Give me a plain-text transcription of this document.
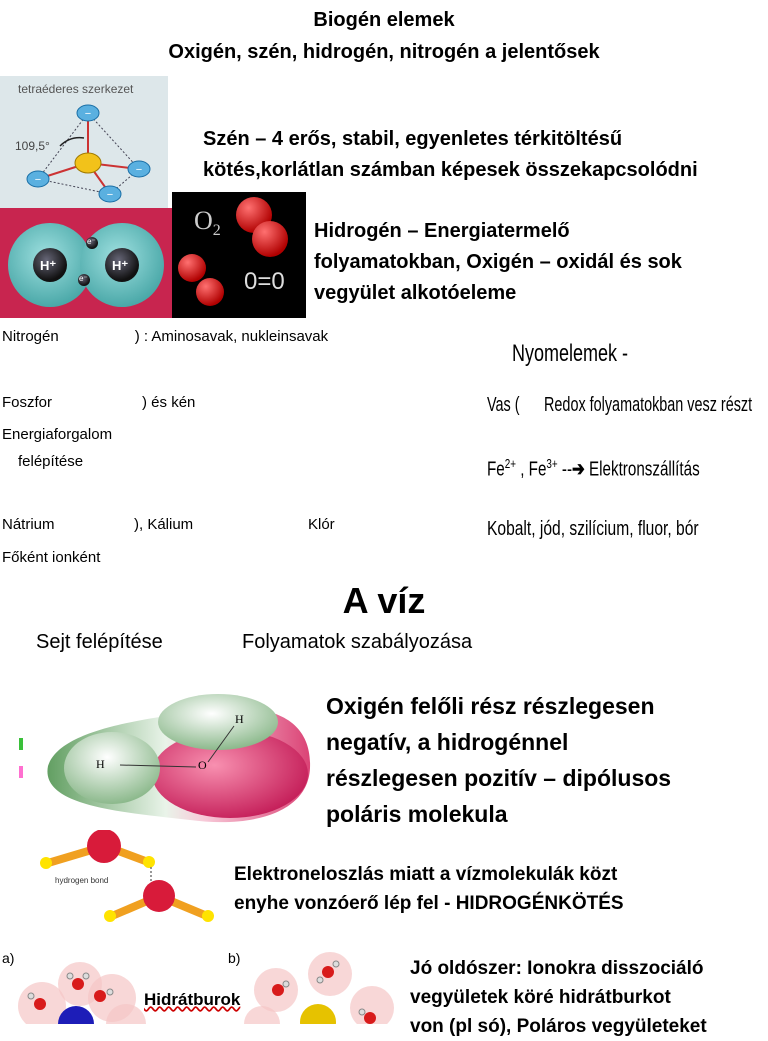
Biogén elemek
Oxigén, szén, hidrogén, nitrogén a jelentősek
tetraéderes szerkezet
109,5°
−
−
−
−
Szén – 4 erős, stabil, egyenletes térkitöltésű
kötés,korlátlan számban képesek összekapcsolódni
H⁺	H⁺
e⁻
e⁻
$O_2$
0=0
Hidrogén – Energiatermelő
folyamatokban, Oxigén – oxidál és sok
vegyület alkotóeleme
Nitrogén	) : Aminosavak, nukleinsavak
Foszfor	) és kén
Energiaforgalom
felépítése
Nátrium	), Kálium	Klór
Főként ionként
Nyomelemek -
Vas ( Redox folyamatokban vesz részt
$Fe^{2+}$ , $Fe^{3+}$ --➔ Elektronszállítás
Kobalt, jód, szilícium, fluor, bór
A víz
Sejt felépítése	Folyamatok szabályozása
H
H
O
Oxigén felőli rész részlegesen
negatív, a hidrogénnel
részlegesen pozitív – dipólusos
poláris molekula
hydrogen bond	Elektroneloszlás miatt a vízmolekulák közt
enyhe vonzóerő lép fel - HIDROGÉNKÖTÉS
a)	b)
Hidrátburok
Jó oldószer: Ionokra disszociáló
vegyületek köré hidrátburkot
von (pl só), Poláros vegyületeket
